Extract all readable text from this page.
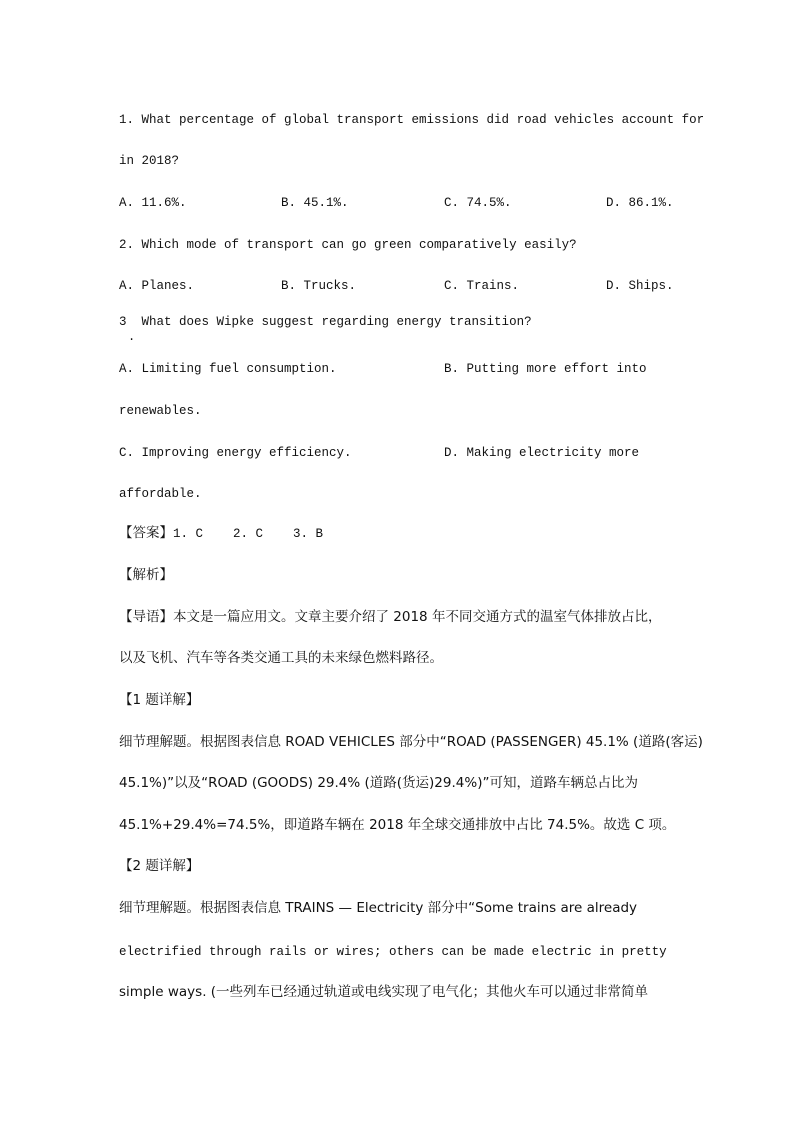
1. What percentage of global transport emissions did road vehicles account for
in 2018?
A. 11.6%.	B. 45.1%.	C. 74.5%.	D. 86.1%.
2. Which mode of transport can go green comparatively easily?
A. Planes.	B. Trucks.	C. Trains.	D. Ships.
3  What does Wipke suggest regarding energy transition?
.
A. Limiting fuel consumption.	B. Putting more effort into
renewables.
C. Improving energy efficiency.	D. Making electricity more
affordable.
【答案】1. C    2. C    3. B
【解析】
【导语】本文是一篇应用文。文章主要介绍了 2018 年不同交通方式的温室气体排放占比，
以及飞机、汽车等各类交通工具的未来绿色燃料路径。
【1 题详解】
细节理解题。根据图表信息 ROAD VEHICLES 部分中“ROAD (PASSENGER) 45.1% (道路(客运)
45.1%)”以及“ROAD (GOODS) 29.4% (道路(货运)29.4%)”可知，道路车辆总占比为
45.1%+29.4%=74.5%，即道路车辆在 2018 年全球交通排放中占比 74.5%。故选 C 项。
【2 题详解】
细节理解题。根据图表信息 TRAINS — Electricity 部分中“Some trains are already
electrified through rails or wires; others can be made electric in pretty
simple ways. (一些列车已经通过轨道或电线实现了电气化；其他火车可以通过非常简单
